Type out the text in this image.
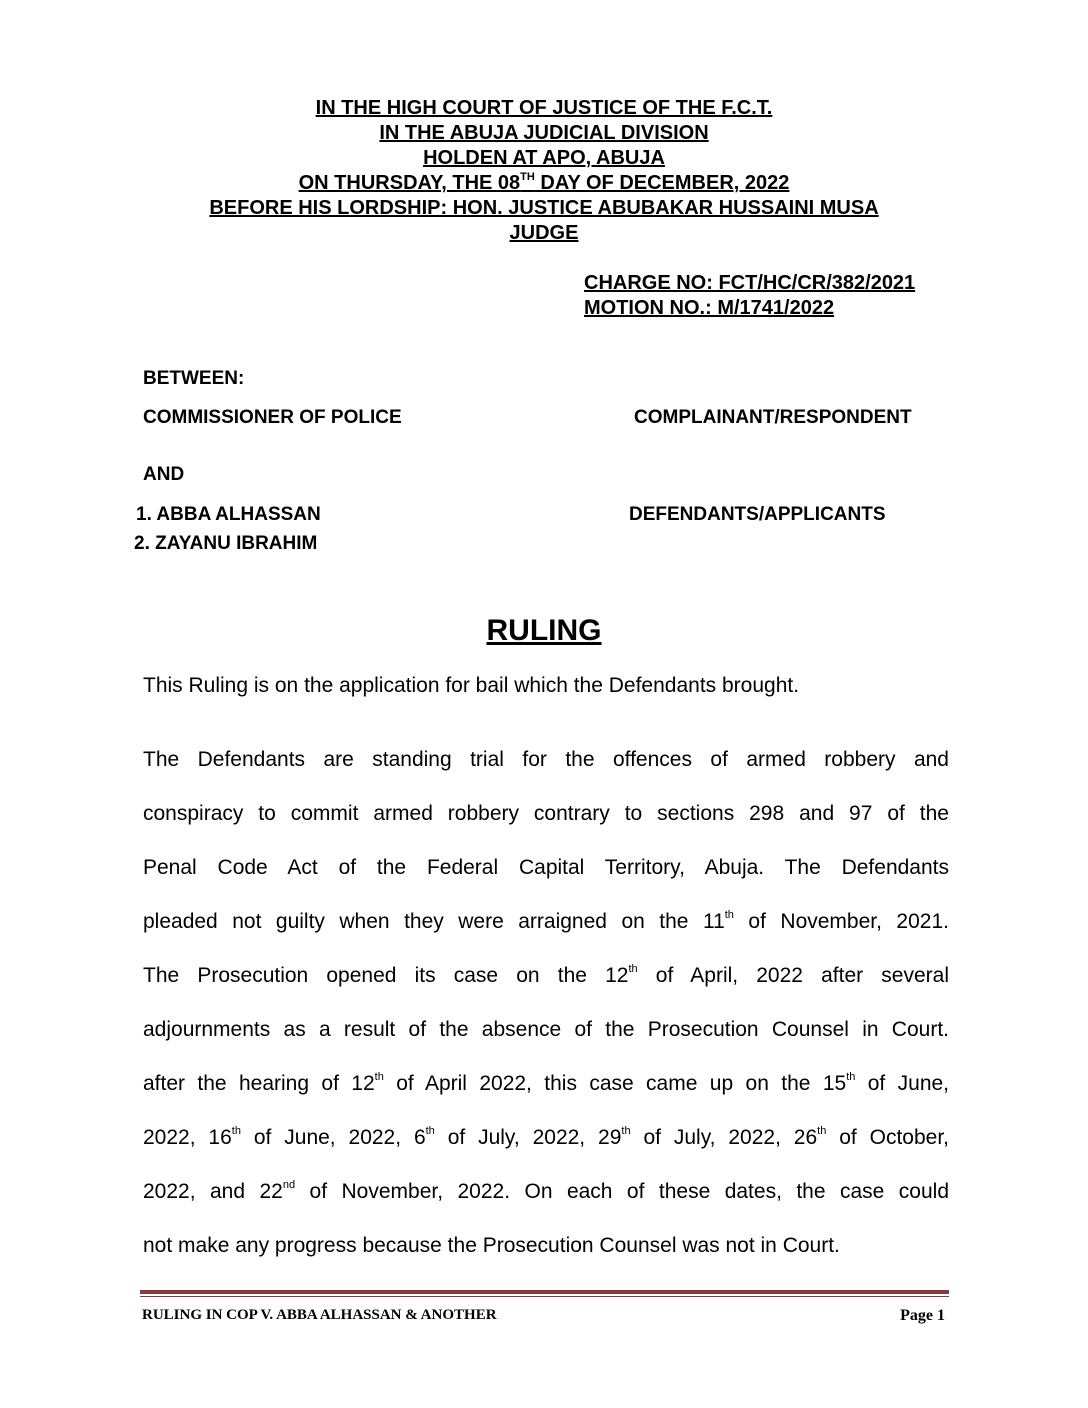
IN THE HIGH COURT OF JUSTICE OF THE F.C.T.
IN THE ABUJA JUDICIAL DIVISION
HOLDEN AT APO, ABUJA
ON THURSDAY, THE 08TH DAY OF DECEMBER, 2022
BEFORE HIS LORDSHIP: HON. JUSTICE ABUBAKAR HUSSAINI MUSA
JUDGE
CHARGE NO: FCT/HC/CR/382/2021
MOTION NO.: M/1741/2022
BETWEEN:
COMMISSIONER OF POLICE	COMPLAINANT/RESPONDENT
AND
1. ABBA ALHASSAN
2. ZAYANU IBRAHIM
DEFENDANTS/APPLICANTS
RULING
This Ruling is on the application for bail which the Defendants brought.
The Defendants are standing trial for the offences of armed robbery and
conspiracy to commit armed robbery contrary to sections 298 and 97 of the
Penal Code Act of the Federal Capital Territory, Abuja. The Defendants
pleaded not guilty when they were arraigned on the 11th of November, 2021.
The Prosecution opened its case on the 12th of April, 2022 after several
adjournments as a result of the absence of the Prosecution Counsel in Court.
after the hearing of 12th of April 2022, this case came up on the 15th of June,
2022, 16th of June, 2022, 6th of July, 2022, 29th of July, 2022, 26th of October,
2022, and 22nd of November, 2022. On each of these dates, the case could
not make any progress because the Prosecution Counsel was not in Court.
RULING IN COP V. ABBA ALHASSAN & ANOTHER	Page 1
